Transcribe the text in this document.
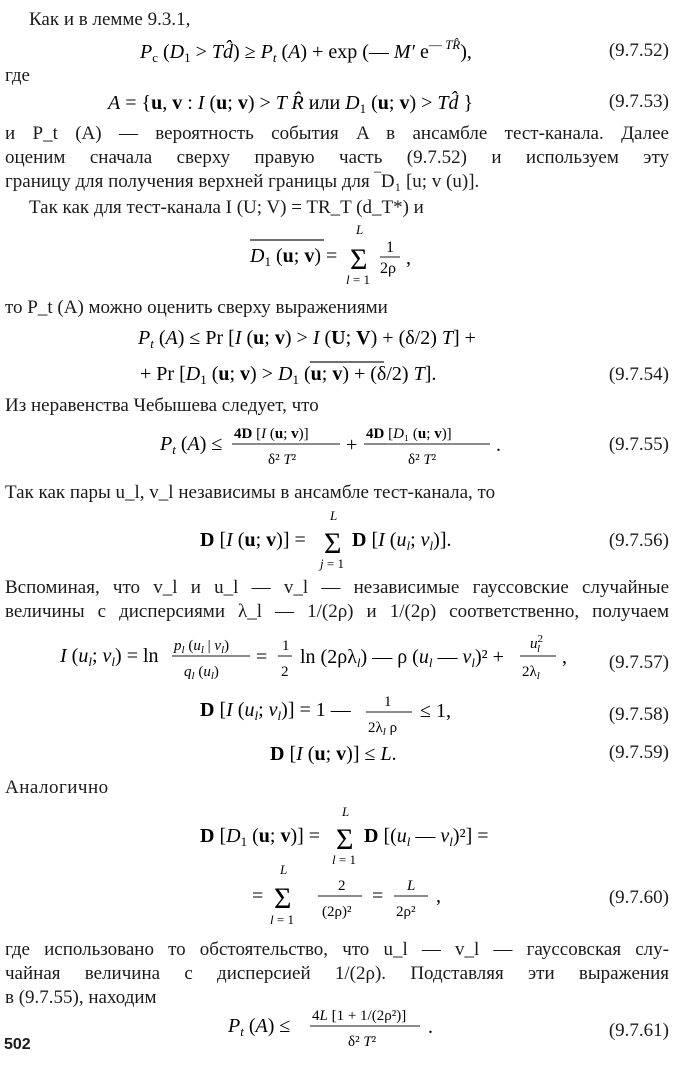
Как и в лемме 9.3.1,
$P_c$ ($D_1$ > Td̂) ≥ $P_t$ (A) + exp (— M′ e— TR̂),	(9.7.52)
где
A = {u, v : I (u; v) > T R̂ или $D_1$ (u; v) > Td̂ }	(9.7.53)
и P_t (A) — вероятность события A в ансамбле тест-канала. Далее
оценим сначала сверху правую часть (9.7.52) и используем эту
границу для получения верхней границы для ‾D₁ [u; v (u)].
Так как для тест-канала I (U; V) = TR_T (d_T*) и
$D_1$ (u; v) =
L
Σ
l = 1
1
2ρ ,
то P_t (A) можно оценить сверху выражениями
$P_t$ (A) ≤ Pr [I (u; v) > I (U; V) + (δ/2) T] +
+ Pr [$D_1$ (u; $v) > D_1$ (u; v) + (δ/2) T].	(9.7.54)
Из неравенства Чебышева следует, что
$P_t$ (A) ≤ 4D [I (u; v)]
δ² T²
+ 4D [D₁ (u; v)]
δ² T²
.	(9.7.55)
Так как пары u_l, v_l независимы в ансамбле тест-канала, то
D [I (u; v)] =
L
Σ
j = 1
D [I ($u_l$; $v_l$)].	(9.7.56)
Вспоминая, что v_l и u_l — v_l — независимые гауссовские случайные
величины с дисперсиями λ_l — 1/(2ρ) и 1/(2ρ) соответственно, получаем
I ($u_l$; $v_l) = \ln p_l$ ($u_l$ | $v_l$)
$q_l$ $(u_l)$
= 1
2
$\ln (2\rho\lambda_l)$ — ρ ($u_l$ — $v_l)^2$ +
$u^2$ l
$2\lambda_l$
, (9.7.57)
D [I ($u_l$; $v_l)] = 1$ — 1
$2\lambda_l$ ρ
≤ 1,	(9.7.58)
D [I (u; v)] ≤ L.	(9.7.59)
Аналогично
D [$D_1$ (u; v)] =
L
Σ
l = 1
D [($u_l$ — $v_l)^2$] =
=
L
Σ
l = 1
2
(2ρ)²
= L
2ρ²
,	(9.7.60)
где использовано то обстоятельство, что u_l — v_l — гауссовская слу-
чайная величина с дисперсией 1/(2ρ). Подставляя эти выражения
в (9.7.55), находим
$P_t$ (A) ≤ 4L [1 + 1/(2ρ²)]
δ² T²
.	(9.7.61)
502
